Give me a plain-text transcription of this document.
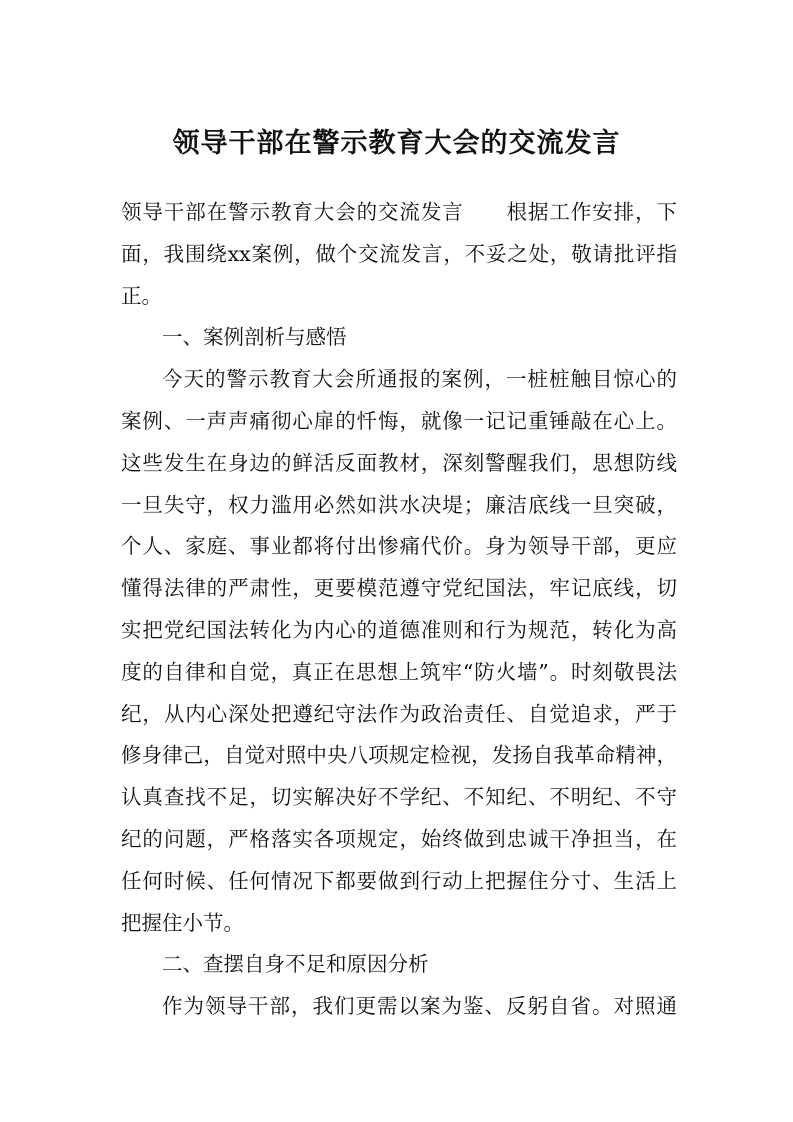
领导干部在警示教育大会的交流发言
领导干部在警示教育大会的交流发言 根据工作安排，下
面，我围绕xx案例，做个交流发言，不妥之处，敬请批评指
正。
一、案例剖析与感悟
今天的警示教育大会所通报的案例，一桩桩触目惊心的
案例、一声声痛彻心扉的忏悔，就像一记记重锤敲在心上。
这些发生在身边的鲜活反面教材，深刻警醒我们，思想防线
一旦失守，权力滥用必然如洪水决堤；廉洁底线一旦突破，
个人、家庭、事业都将付出惨痛代价。身为领导干部，更应
懂得法律的严肃性，更要模范遵守党纪国法，牢记底线，切
实把党纪国法转化为内心的道德准则和行为规范，转化为高
度的自律和自觉，真正在思想上筑牢“防火墙”。时刻敬畏法
纪，从内心深处把遵纪守法作为政治责任、自觉追求，严于
修身律己，自觉对照中央八项规定检视，发扬自我革命精神，
认真查找不足，切实解决好不学纪、不知纪、不明纪、不守
纪的问题，严格落实各项规定，始终做到忠诚干净担当，在
任何时候、任何情况下都要做到行动上把握住分寸、生活上
把握住小节。
二、查摆自身不足和原因分析
作为领导干部，我们更需以案为鉴、反躬自省。对照通
